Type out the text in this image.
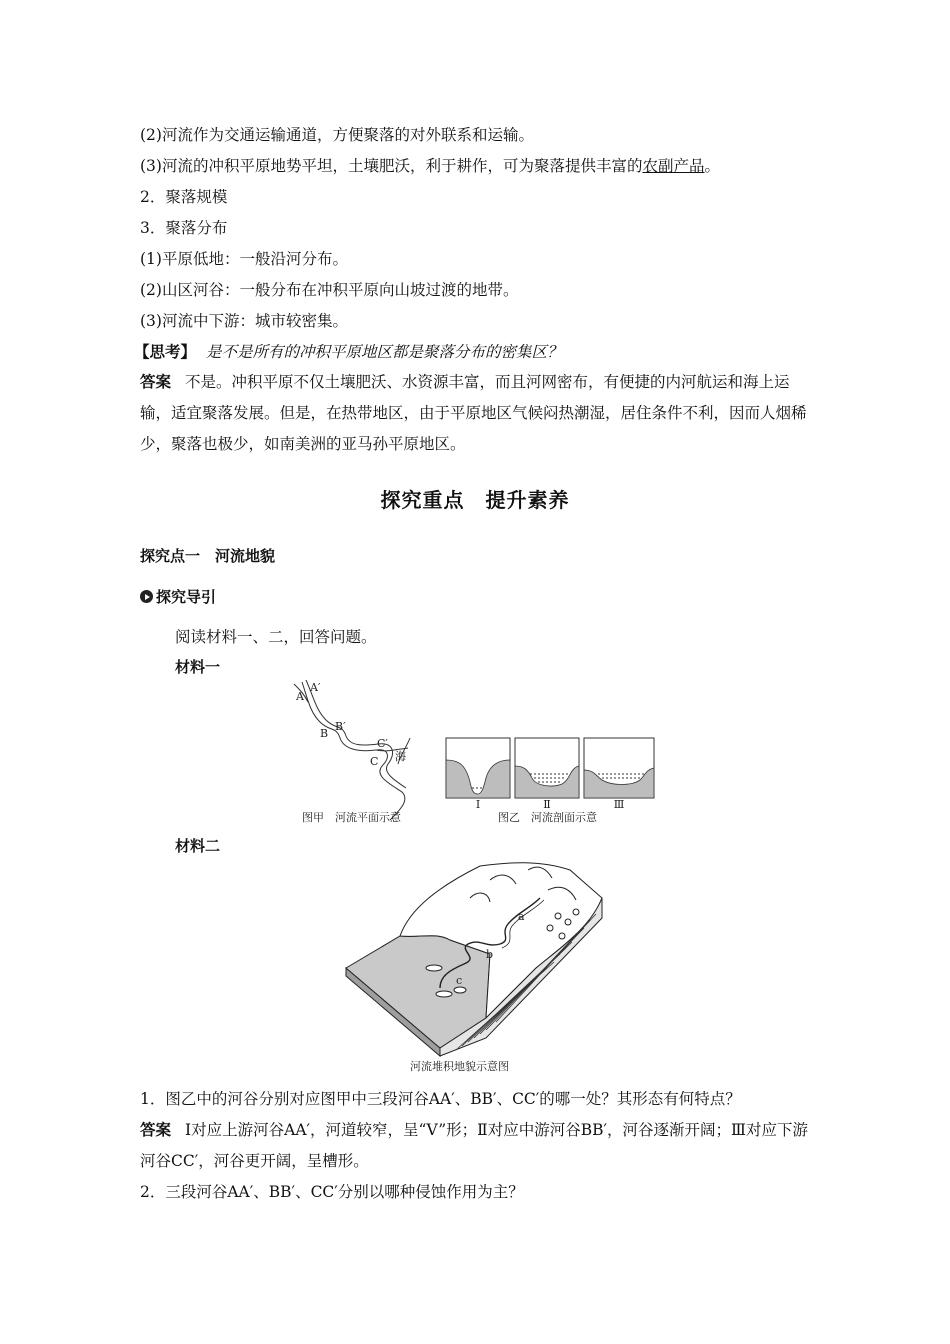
(2)河流作为交通运输通道，方便聚落的对外联系和运输。

(3)河流的冲积平原地势平坦，土壤肥沃，利于耕作，可为聚落提供丰富的农副产品。

2．聚落规模

3．聚落分布

(1)平原低地：一般沿河分布。

(2)山区河谷：一般分布在冲积平原向山坡过渡的地带。

(3)河流中下游：城市较密集。

【思考】 是不是所有的冲积平原地区都是聚落分布的密集区？

答案 不是。冲积平原不仅土壤肥沃、水资源丰富，而且河网密布，有便捷的内河航运和海上运输，适宜聚落发展。但是，在热带地区，由于平原地区气候闷热潮湿，居住条件不利，因而人烟稀少，聚落也极少，如南美洲的亚马孙平原地区。

探究重点　提升素养

探究点一　河流地貌

探究导引

阅读材料一、二，回答问题。

材料一

A
A′
B
B′
C′
C 海
图甲　河流平面示意
Ⅰ	Ⅱ	Ⅲ
图乙　河流剖面示意

材料二

a
b
c
河流堆积地貌示意图

1．图乙中的河谷分别对应图甲中三段河谷AA′、BB′、CC′的哪一处？其形态有何特点？

答案 Ⅰ对应上游河谷AA′，河道较窄，呈“V”形；Ⅱ对应中游河谷BB′，河谷逐渐开阔；Ⅲ对应下游河谷CC′，河谷更开阔，呈槽形。

2．三段河谷AA′、BB′、CC′分别以哪种侵蚀作用为主？
